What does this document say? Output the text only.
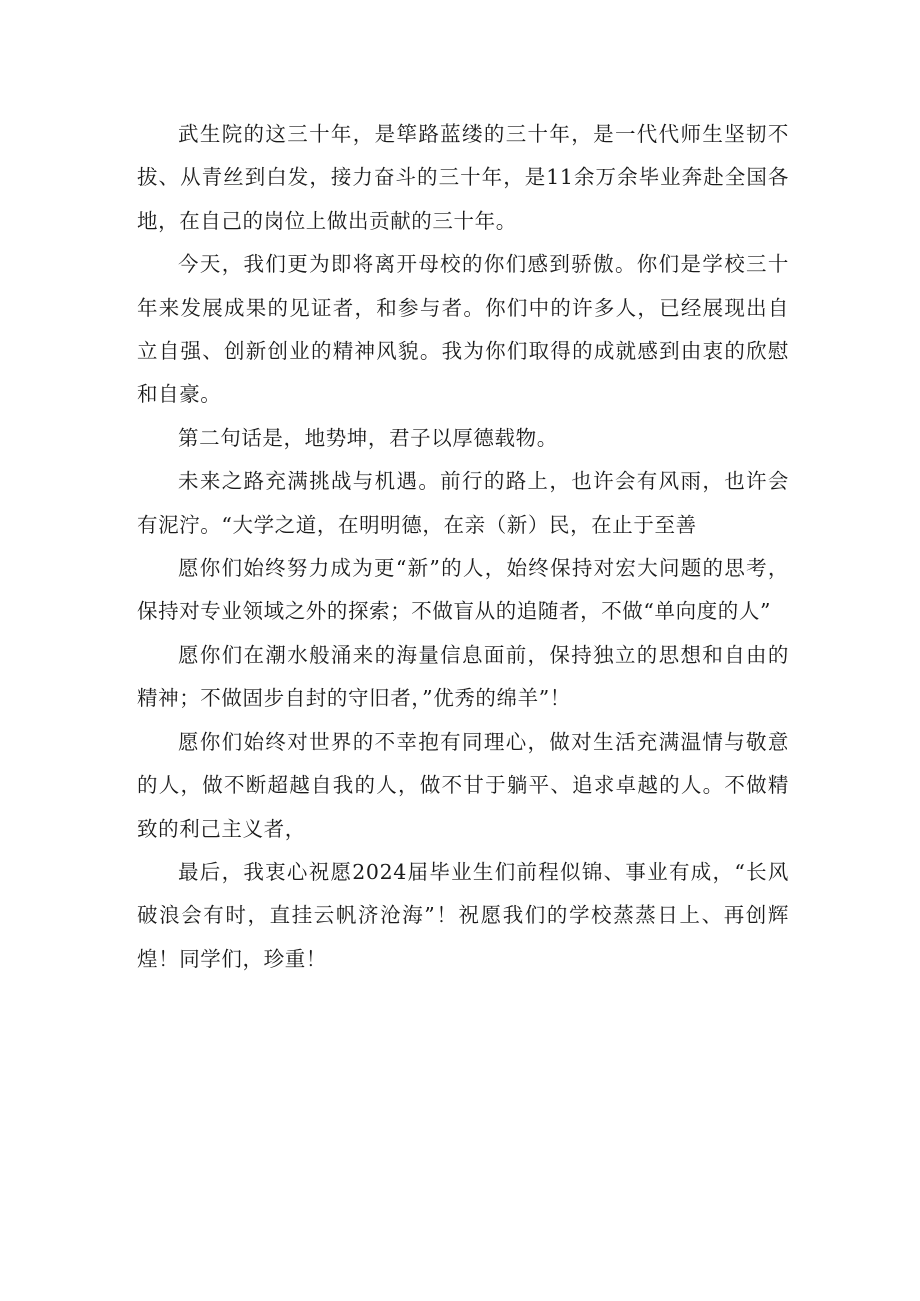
武生院的这三十年，是筚路蓝缕的三十年，是一代代师生坚韧不拔、从青丝到白发，接力奋斗的三十年，是11余万余毕业奔赴全国各地，在自己的岗位上做出贡献的三十年。

今天，我们更为即将离开母校的你们感到骄傲。你们是学校三十年来发展成果的见证者，和参与者。你们中的许多人，已经展现出自立自强、创新创业的精神风貌。我为你们取得的成就感到由衷的欣慰和自豪。

第二句话是，地势坤，君子以厚德载物。

未来之路充满挑战与机遇。前行的路上，也许会有风雨，也许会有泥泞。“大学之道，在明明德，在亲（新）民，在止于至善

愿你们始终努力成为更“新”的人，始终保持对宏大问题的思考，保持对专业领域之外的探索；不做盲从的追随者，不做“单向度的人”

愿你们在潮水般涌来的海量信息面前，保持独立的思想和自由的精神；不做固步自封的守旧者，”优秀的绵羊”！

愿你们始终对世界的不幸抱有同理心，做对生活充满温情与敬意的人，做不断超越自我的人，做不甘于躺平、追求卓越的人。不做精致的利己主义者，

最后，我衷心祝愿2024届毕业生们前程似锦、事业有成，“长风破浪会有时，直挂云帆济沧海”！祝愿我们的学校蒸蒸日上、再创辉煌！同学们，珍重！
